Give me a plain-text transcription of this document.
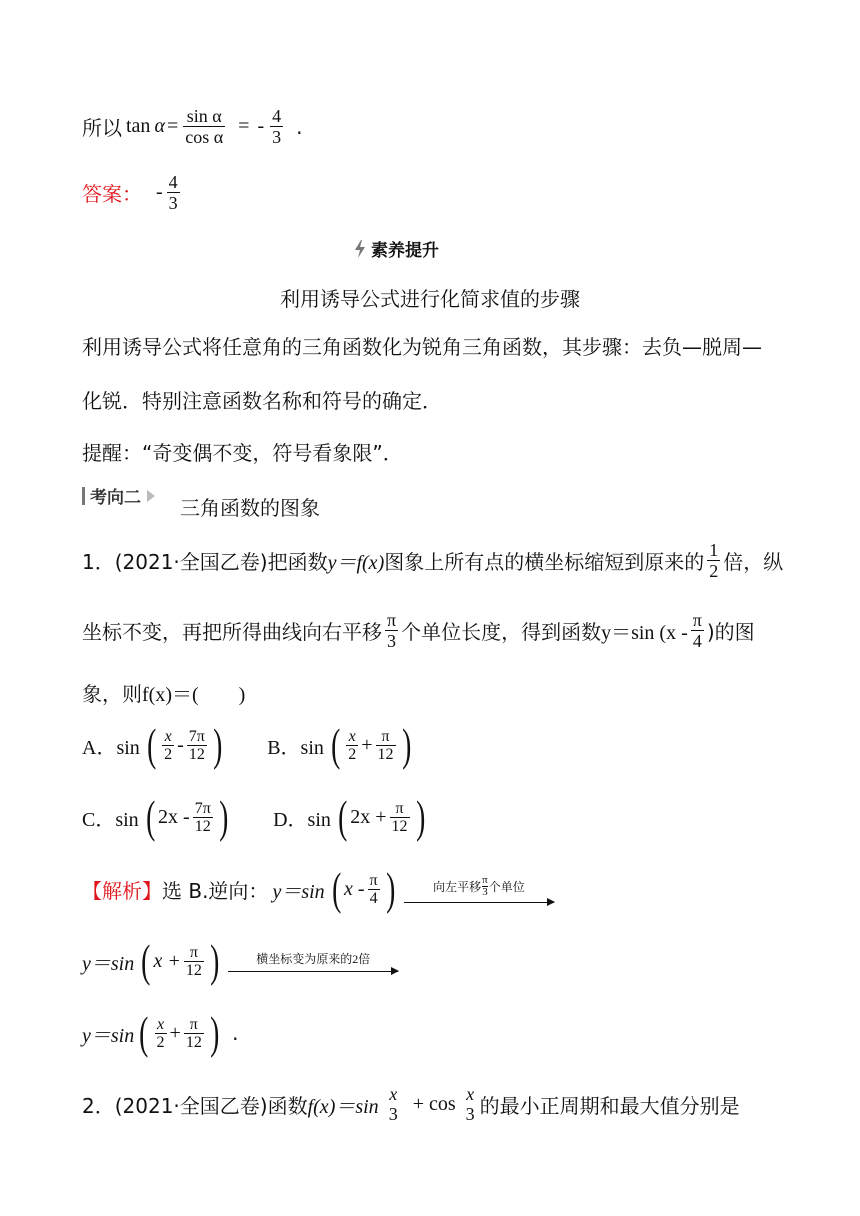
所以 $\tan \alpha = \frac{\text{sin α}}{\text{cos α}}$ = - $\frac{4}{3}$ .
答案： - $\frac{4}{3}$
素养提升
利用诱导公式进行化简求值的步骤
利用诱导公式将任意角的三角函数化为锐角三角函数，其步骤：去负—脱周—
化锐．特别注意函数名称和符号的确定．
提醒：“奇变偶不变，符号看象限”．
考向二 三角函数的图象
1．(2021·全国乙卷)把函数 y＝f(x) 图象上所有点的横坐标缩短到原来的 $\frac{1}{2}$ 倍，纵
坐标不变，再把所得曲线向右平移 $\frac{\pi}{3}$ 个单位长度，得到函数 y＝sin ($x - \frac{\pi}{4}$ )的图
象，则 f(x)＝(　　)
A．sin ( $\frac{x}{2} - \frac{7\pi}{12}$ ) B．sin ( $\frac{x}{2} + \frac{\pi}{12}$ )
C．sin ( $2x - \frac{7\pi}{12}$ ) D．sin ( $2x + \frac{\pi}{12}$ )
【解析】 选 B.逆向： y＝sin ( x - $\frac{\pi}{4}$ )	向左平移 $\frac{\pi}{3}$ 个单位
y＝sin ( $x + \frac{\pi}{12}$ )	横坐标变为原来的2倍
y＝sin ( $\frac{x}{2} + \frac{\pi}{12}$ ) .
2．(2021·全国乙卷)函数 f(x)＝sin
x
3 + cos x
3 的最小正周期和最大值分别是
